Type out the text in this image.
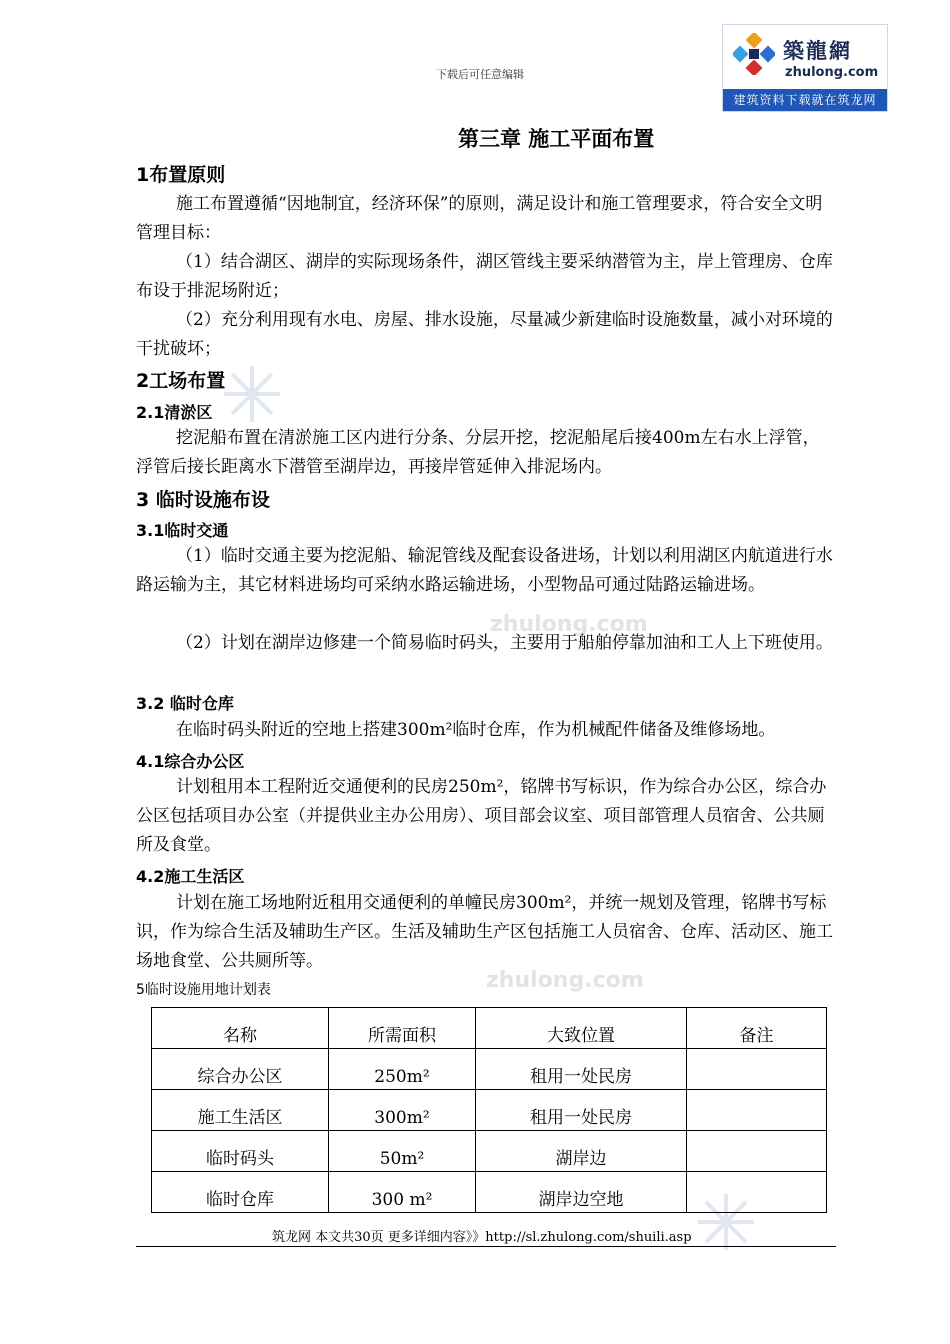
下载后可任意编辑
築龍網
zhulong.com
建筑资料下载就在筑龙网
zhulong.com
zhulong.com
第三章 施工平面布置
1布置原则
施工布置遵循“因地制宜，经济环保”的原则，满足设计和施工管理要求，符合安全文明管理目标：
（1）结合湖区、湖岸的实际现场条件，湖区管线主要采纳潜管为主，岸上管理房、仓库布设于排泥场附近；
（2）充分利用现有水电、房屋、排水设施，尽量减少新建临时设施数量，减小对环境的干扰破坏；
2工场布置
2.1清淤区
挖泥船布置在清淤施工区内进行分条、分层开挖，挖泥船尾后接400m左右水上浮管，浮管后接长距离水下潜管至湖岸边，再接岸管延伸入排泥场内。
3 临时设施布设
3.1临时交通
（1）临时交通主要为挖泥船、输泥管线及配套设备进场，计划以利用湖区内航道进行水路运输为主，其它材料进场均可采纳水路运输进场，小型物品可通过陆路运输进场。
（2）计划在湖岸边修建一个简易临时码头，主要用于船舶停靠加油和工人上下班使用。
3.2 临时仓库
在临时码头附近的空地上搭建300m²临时仓库，作为机械配件储备及维修场地。
4.1综合办公区
计划租用本工程附近交通便利的民房250m²，铭牌书写标识，作为综合办公区，综合办公区包括项目办公室（并提供业主办公用房）、项目部会议室、项目部管理人员宿舍、公共厕所及食堂。
4.2施工生活区
计划在施工场地附近租用交通便利的单幢民房300m²，并统一规划及管理，铭牌书写标识，作为综合生活及辅助生产区。生活及辅助生产区包括施工人员宿舍、仓库、活动区、施工场地食堂、公共厕所等。
5临时设施用地计划表
名称	所需面积	大致位置	备注
综合办公区	250m²	租用一处民房	
施工生活区	300m²	租用一处民房	
临时码头	50m²	湖岸边	
临时仓库	300 m²	湖岸边空地	
筑龙网 本文共30页 更多详细内容》》http://sl.zhulong.com/shuili.asp
